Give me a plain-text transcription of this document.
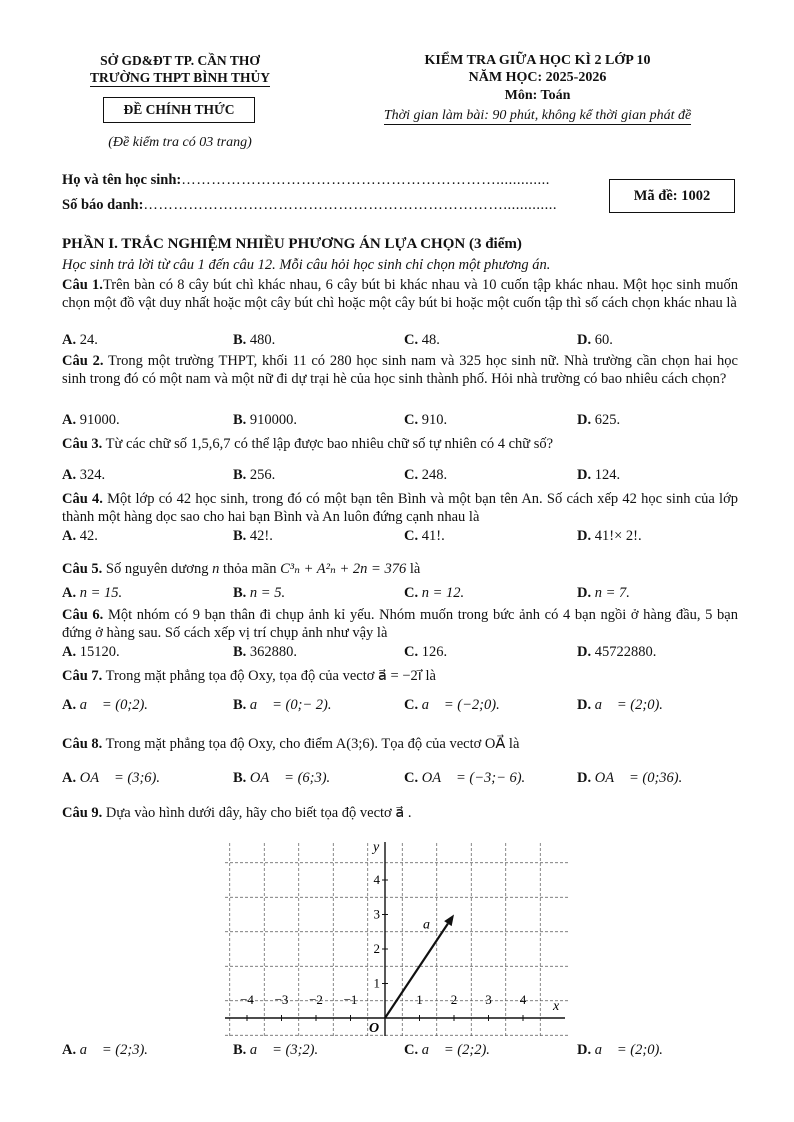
SỞ GD&ĐT TP. CẦN THƠ
TRƯỜNG THPT BÌNH THỦY
ĐỀ CHÍNH THỨC
(Đề kiểm tra có 03 trang)
KIỂM TRA GIỮA HỌC KÌ 2 LỚP 10
NĂM HỌC: 2025-2026
Môn: Toán
Thời gian làm bài: 90 phút, không kể thời gian phát đề
Họ và tên học sinh:……………………………………………………….............
Số báo danh:……………………………………………………………….............
Mã đề: 1002
PHẦN I. TRẮC NGHIỆM NHIỀU PHƯƠNG ÁN LỰA CHỌN (3 điểm)
Học sinh trả lời từ câu 1 đến câu 12. Mỗi câu hỏi học sinh chỉ chọn một phương án.
Câu 1.Trên bàn có 8 cây bút chì khác nhau, 6 cây bút bi khác nhau và 10 cuốn tập khác nhau. Một học sinh muốn chọn một đồ vật duy nhất hoặc một cây bút chì hoặc một cây bút bi hoặc một cuốn tập thì số cách chọn khác nhau là
A. 24.	B. 480.	C. 48.	D. 60.
Câu 2. Trong một trường THPT, khối 11 có 280 học sinh nam và 325 học sinh nữ. Nhà trường cần chọn hai học sinh trong đó có một nam và một nữ đi dự trại hè của học sinh thành phố. Hỏi nhà trường có bao nhiêu cách chọn?
A. 91000.	B. 910000.	C. 910.	D. 625.
Câu 3. Từ các chữ số 1,5,6,7 có thể lập được bao nhiêu chữ số tự nhiên có 4 chữ số?
A. 324.	B. 256.	C. 248.	D. 124.
Câu 4. Một lớp có 42 học sinh, trong đó có một bạn tên Bình và một bạn tên An. Số cách xếp 42 học sinh của lớp thành một hàng dọc sao cho hai bạn Bình và An luôn đứng cạnh nhau là
A. 42.	B. 42!.	C. 41!.	D. 41!× 2!.
Câu 5. Số nguyên dương n thỏa mãn C³ₙ + A²ₙ + 2n = 376 là
A. n = 15.	B. n = 5.	C. n = 12.	D. n = 7.
Câu 6. Một nhóm có 9 bạn thân đi chụp ảnh kỉ yếu. Nhóm muốn trong bức ảnh có 4 bạn ngồi ở hàng đầu, 5 bạn đứng ở hàng sau. Số cách xếp vị trí chụp ảnh như vậy là
A. 15120.	B. 362880.	C. 126.	D. 45722880.
Câu 7. Trong mặt phẳng tọa độ Oxy, tọa độ của vectơ a⃗ = −2i⃗ là
A. a⃗ = (0;2).	B. a⃗ = (0;− 2).	C. a⃗ = (−2;0).	D. a⃗ = (2;0).
Câu 8. Trong mặt phẳng tọa độ Oxy, cho điểm A(3;6). Tọa độ của vectơ OA⃗ là
A. OA⃗ = (3;6).	B. OA⃗ = (6;3).	C. OA⃗ = (−3;− 6).	D. OA⃗ = (0;36).
Câu 9. Dựa vào hình dưới dây, hãy cho biết tọa độ vectơ a⃗ .
−4 −3 −2 −1	1 2 3 4
1
2
3
4
a⃗
x
y
O
A. a⃗ = (2;3).	B. a⃗ = (3;2).	C. a⃗ = (2;2).	D. a⃗ = (2;0).
